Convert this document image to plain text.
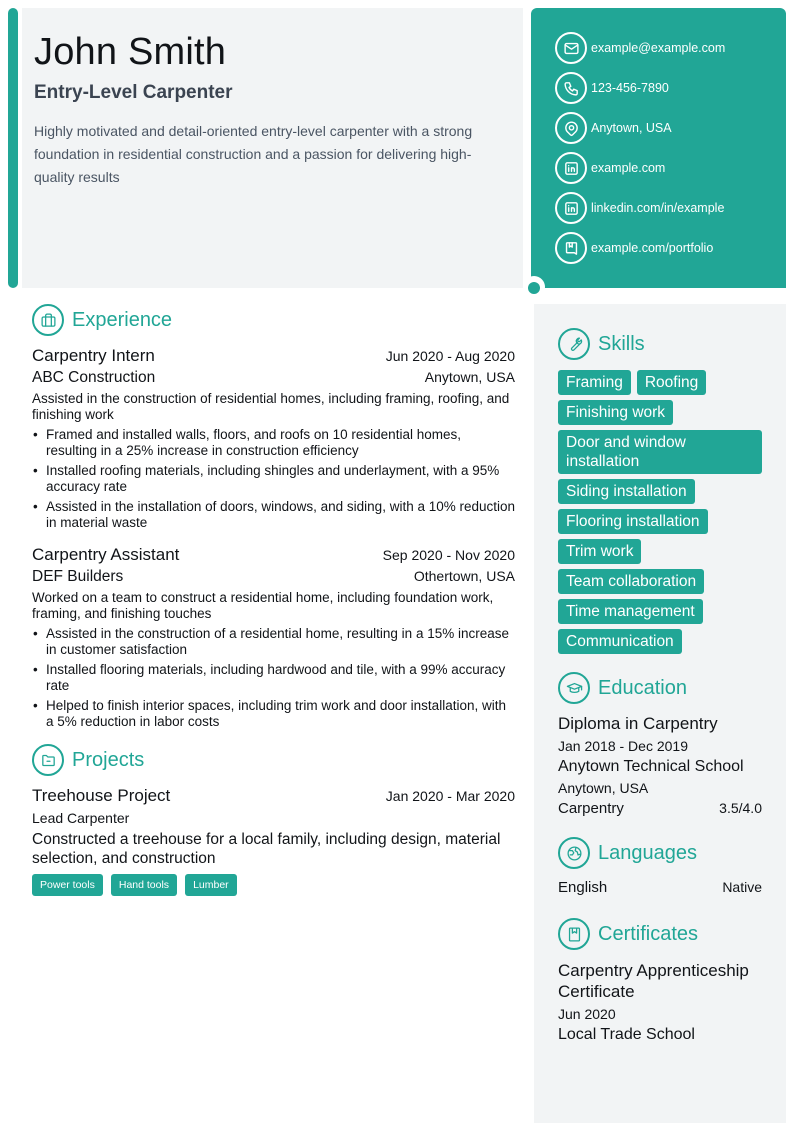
John Smith
Entry-Level Carpenter
Highly motivated and detail-oriented entry-level carpenter with a strong foundation in residential construction and a passion for delivering high-quality results
example@example.com
123-456-7890
Anytown, USA
example.com
linkedin.com/in/example
example.com/portfolio
Experience
Carpentry Intern	Jun 2020 - Aug 2020
ABC Construction	Anytown, USA
Assisted in the construction of residential homes, including framing, roofing, and finishing work
• Framed and installed walls, floors, and roofs on 10 residential homes, resulting in a 25% increase in construction efficiency
• Installed roofing materials, including shingles and underlayment, with a 95% accuracy rate
• Assisted in the installation of doors, windows, and siding, with a 10% reduction in material waste
Carpentry Assistant	Sep 2020 - Nov 2020
DEF Builders	Othertown, USA
Worked on a team to construct a residential home, including foundation work, framing, and finishing touches
• Assisted in the construction of a residential home, resulting in a 15% increase in customer satisfaction
• Installed flooring materials, including hardwood and tile, with a 99% accuracy rate
• Helped to finish interior spaces, including trim work and door installation, with a 5% reduction in labor costs
Projects
Treehouse Project	Jan 2020 - Mar 2020
Lead Carpenter
Constructed a treehouse for a local family, including design, material selection, and construction
Power tools	Hand tools	Lumber
Skills
Framing	Roofing
Finishing work
Door and window installation
Siding installation
Flooring installation
Trim work
Team collaboration
Time management
Communication
Education
Diploma in Carpentry
Jan 2018 - Dec 2019
Anytown Technical School
Anytown, USA
Carpentry	3.5/4.0
Languages
English	Native
Certificates
Carpentry Apprenticeship Certificate
Jun 2020
Local Trade School
